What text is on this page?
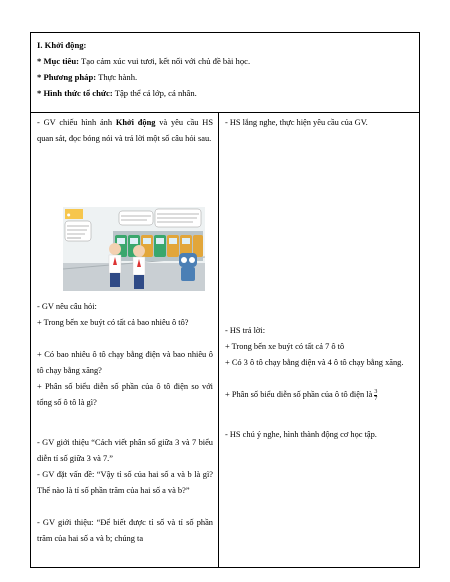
I. Khởi động:
* Mục tiêu: Tạo cảm xúc vui tươi, kết nối với chủ đề bài học.
* Phương pháp: Thực hành.
* Hình thức tổ chức: Tập thể cả lớp, cá nhân.

- GV chiếu hình ảnh Khởi động và yêu cầu HS quan sát, đọc bóng nói và trả lời một số câu hỏi sau.

●

- GV nêu câu hỏi:

+ Trong bến xe buýt có tất cả bao nhiêu ô tô?

+ Có bao nhiêu ô tô chạy bằng điện và bao nhiêu ô tô chạy bằng xăng?

+ Phân số biểu diễn số phần của ô tô điện so với tổng số ô tô là gì?

- GV giới thiệu “Cách viết phân số giữa 3 và 7 biểu diễn tỉ số giữa 3 và 7.”

- GV đặt vấn đề: “Vậy tỉ số của hai số a và b là gì? Thế nào là tỉ số phần trăm của hai số a và b?”

- GV giới thiệu: “Để biết được tỉ số và tỉ số phần trăm của hai số a và b; chúng ta

- HS lắng nghe, thực hiện yêu cầu của GV.

- HS trả lời:

+ Trong bến xe buýt có tất cả 7 ô tô

+ Có 3 ô tô chạy bằng điện và 4 ô tô chạy bằng xăng.

+ Phân số biểu diễn số phần của ô tô điện là $\frac{3}{7}$

- HS chú ý nghe, hình thành động cơ học tập.
